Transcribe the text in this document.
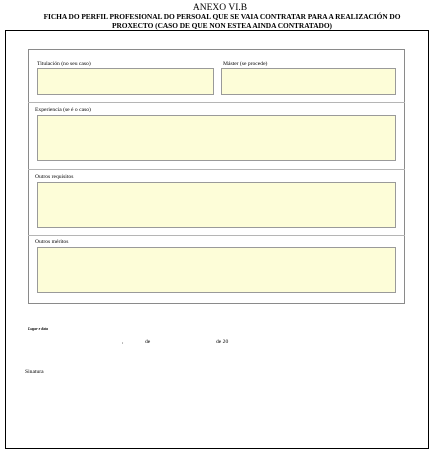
ANEXO VI.B
FICHA DO PERFIL PROFESIONAL DO PERSOAL QUE SE VAIA CONTRATAR PARA A REALIZACIÓN DO
PROXECTO (CASO DE QUE NON ESTEA AINDA CONTRATADO)
Titulación (no seu caso)	Máster (se procede)
Experiencia (se é o caso)
Outros requisitos
Outros méritos
Lugar e data
,	de	de 20
Sinatura
